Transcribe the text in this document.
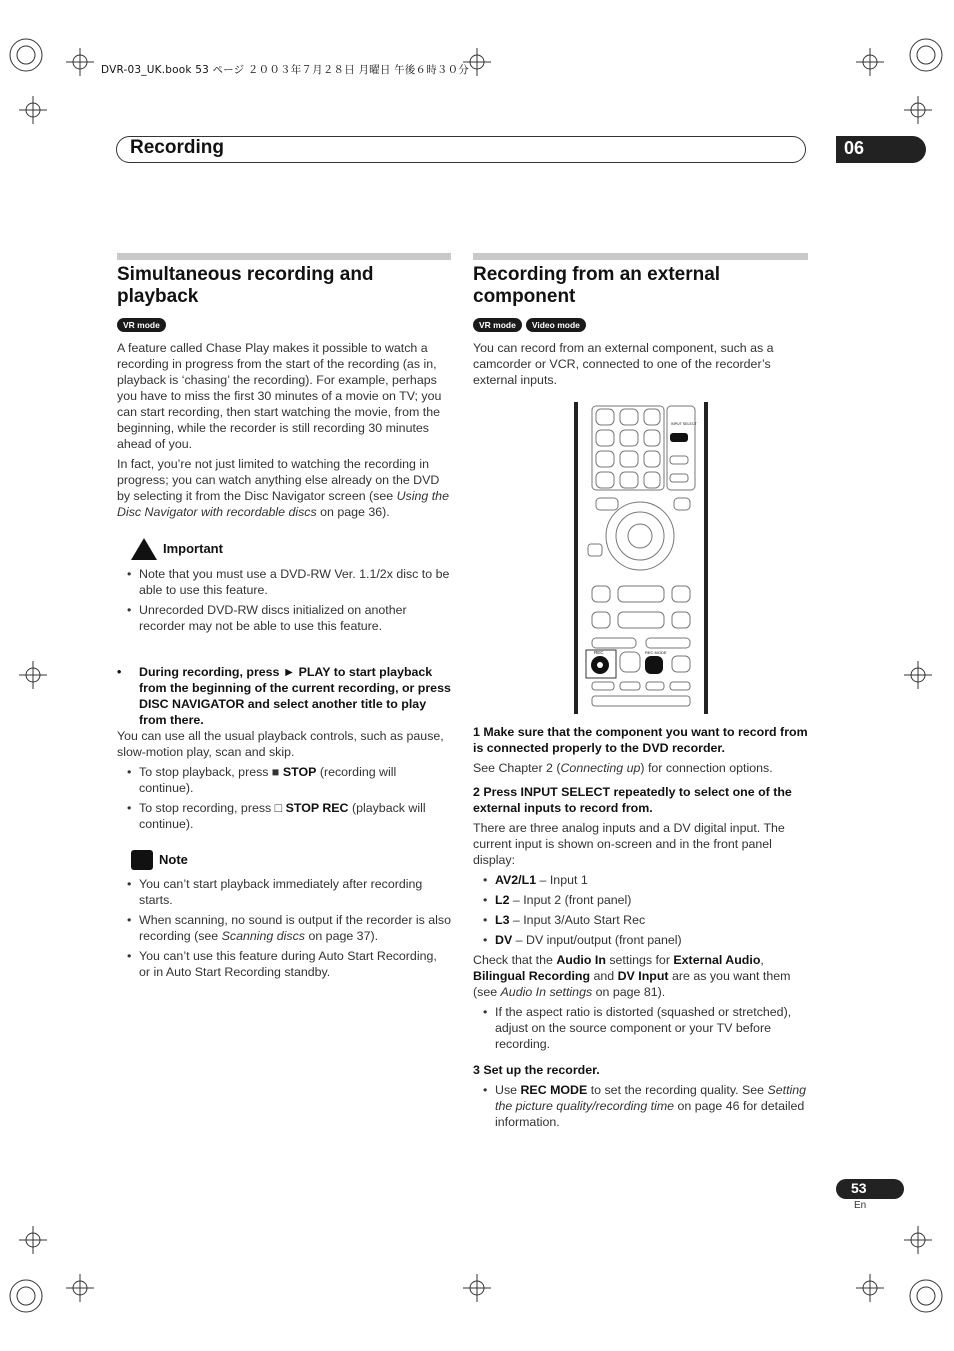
DVR-03_UK.book 53 ページ ２００３年７月２８日 月曜日 午後６時３０分
Recording	06
Simultaneous recording and playback
VR mode

A feature called Chase Play makes it possible to watch a recording in progress from the start of the recording (as in, playback is ‘chasing’ the recording). For example, perhaps you have to miss the first 30 minutes of a movie on TV; you can start recording, then start watching the movie, from the beginning, while the recorder is still recording 30 minutes ahead of you.

In fact, you’re not just limited to watching the recording in progress; you can watch anything else already on the DVD by selecting it from the Disc Navigator screen (see Using the Disc Navigator with recordable discs on page 36).

Important
• Note that you must use a DVD-RW Ver. 1.1/2x disc to be able to use this feature.
• Unrecorded DVD-RW discs initialized on another recorder may not be able to use this feature.
• During recording, press ► PLAY to start playback from the beginning of the current recording, or press DISC NAVIGATOR and select another title to play from there.

You can use all the usual playback controls, such as pause, slow-motion play, scan and skip.

• To stop playback, press ■ STOP (recording will continue).
• To stop recording, press □ STOP REC (playback will continue).
Note
• You can’t start playback immediately after recording starts.
• When scanning, no sound is output if the recorder is also recording (see Scanning discs on page 37).
• You can’t use this feature during Auto Start Recording, or in Auto Start Recording standby.
Recording from an external component
VR mode Video mode

You can record from an external component, such as a camcorder or VCR, connected to one of the recorder’s external inputs.

INPUT SELECT
REC	REC MODE

1 Make sure that the component you want to record from is connected properly to the DVD recorder.

See Chapter 2 (Connecting up) for connection options.

2 Press INPUT SELECT repeatedly to select one of the external inputs to record from.

There are three analog inputs and a DV digital input. The current input is shown on-screen and in the front panel display:

• AV2/L1 – Input 1
• L2 – Input 2 (front panel)
• L3 – Input 3/Auto Start Rec
• DV – DV input/output (front panel)

Check that the Audio In settings for External Audio, Bilingual Recording and DV Input are as you want them (see Audio In settings on page 81).

• If the aspect ratio is distorted (squashed or stretched), adjust on the source component or your TV before recording.

3 Set up the recorder.

• Use REC MODE to set the recording quality. See Setting the picture quality/recording time on page 46 for detailed information.
53
En
